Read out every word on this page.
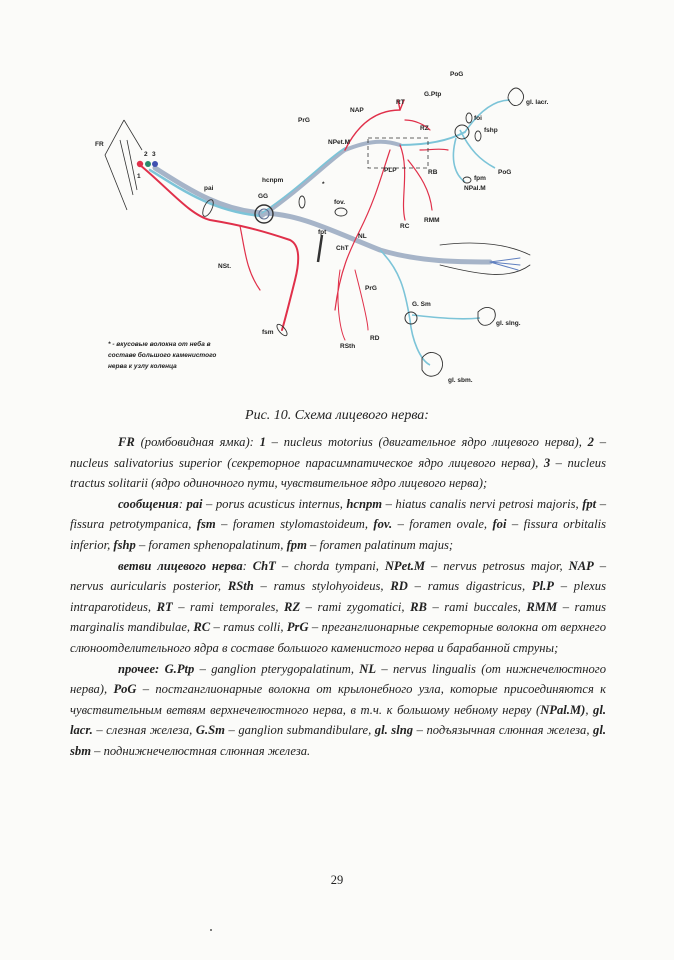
FR
1
2 3
pai
GG
hcnpm
NSt.
fsm
PrG
NPet.M
NAP
RT
G.Ptp
PoG
gl. lacr.
foi
RZ	fshp
PoG
fpm
NPal.M
PLP	RB
RC
RMM
fov.
fpt
ChT
NL
PrG
RSth
RD
G. Sm
gl. slng.
gl. sbm.
*
* - вкусовые волокна от неба в
составе большого каменистого
нерва к узлу коленца
Рис. 10. Схема лицевого нерва:

FR (ромбовидная ямка): 1 – nucleus motorius (двигательное ядро лицевого нерва), 2 – nucleus salivatorius superior (секреторное парасимпатическое ядро лицевого нерва), 3 – nucleus tractus solitarii (ядро одиночного пути, чувствительное ядро лицевого нерва);

сообщения: pai – porus acusticus internus, hcnpm – hiatus canalis nervi petrosi majoris, fpt – fissura petrotympanica, fsm – foramen stylomastoideum, fov. – foramen ovale, foi – fissura orbitalis inferior, fshp – foramen sphenopalatinum, fpm – foramen palatinum majus;

ветви лицевого нерва: ChT – chorda tympani, NPet.M – nervus petrosus major, NAP – nervus auricularis posterior, RSth – ramus stylohyoideus, RD – ramus digastricus, Pl.P – plexus intraparotideus, RT – rami temporales, RZ – rami zygomatici, RB – rami buccales, RMM – ramus marginalis mandibulae, RC – ramus colli, PrG – преганглионарные секреторные волокна от верхнего слюноотделительного ядра в составе большого каменистого нерва и барабанной струны;

прочее: G.Ptp – ganglion pterygopalatinum, NL – nervus lingualis (от нижнечелюстного нерва), PoG – постганглионарные волокна от крылонебного узла, которые присоединяются к чувствительным ветвям верхнечелюстного нерва, в т.ч. к большому небному нерву (NPal.M), gl. lacr. – слезная железа, G.Sm – ganglion submandibulare, gl. slng – подъязычная слюнная железа, gl. sbm – поднижнечелюстная слюнная железа.

29
